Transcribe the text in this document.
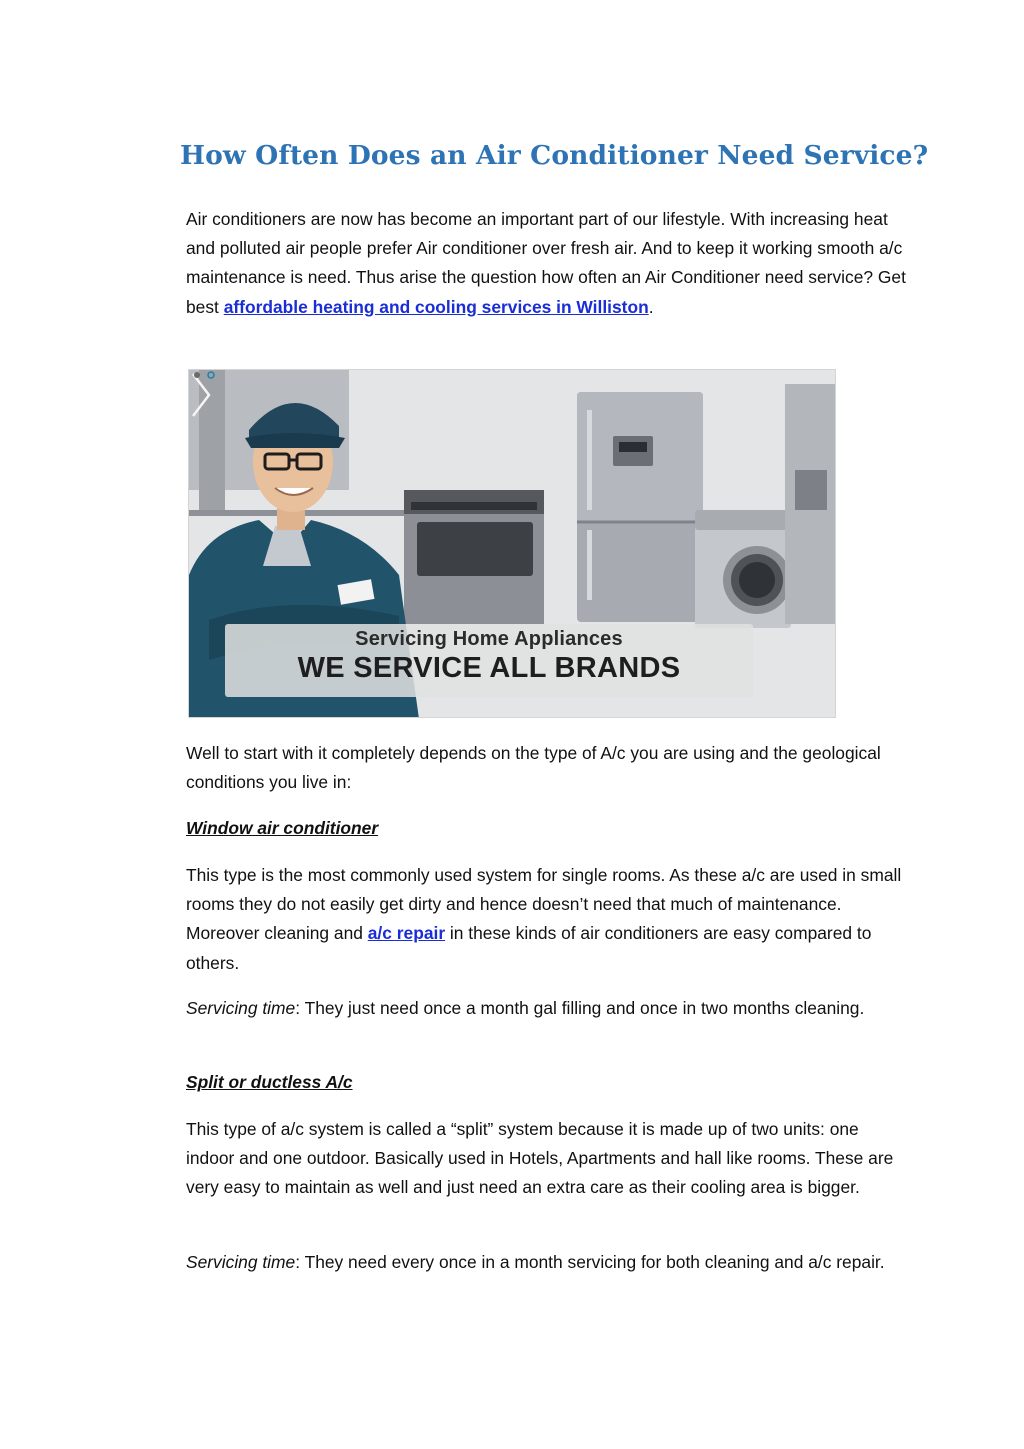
How Often Does an Air Conditioner Need Service?

Air conditioners are now has become an important part of our lifestyle. With increasing heat and polluted air people prefer Air conditioner over fresh air. And to keep it working smooth a/c maintenance is need. Thus arise the question how often an Air Conditioner need service? Get best affordable heating and cooling services in Williston.

Servicing Home Appliances
WE SERVICE ALL BRANDS

Well to start with it completely depends on the type of A/c you are using and the geological conditions you live in:

Window air conditioner

This type is the most commonly used system for single rooms. As these a/c are used in small rooms they do not easily get dirty and hence doesn’t need that much of maintenance. Moreover cleaning and a/c repair in these kinds of air conditioners are easy compared to others.

Servicing time: They just need once a month gal filling and once in two months cleaning.

Split or ductless A/c

This type of a/c system is called a “split” system because it is made up of two units: one indoor and one outdoor. Basically used in Hotels, Apartments and hall like rooms. These are very easy to maintain as well and just need an extra care as their cooling area is bigger.

Servicing time: They need every once in a month servicing for both cleaning and a/c repair.
